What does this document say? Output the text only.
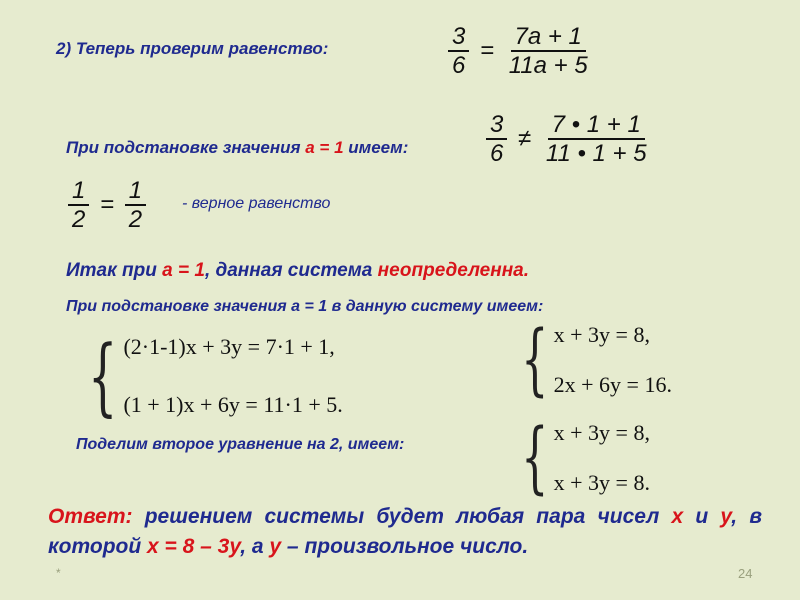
2) Теперь проверим равенство:	$\frac{3}{6} = \frac{7a + 1}{11a + 5}$
При подстановке значения а = 1 имеем:	$\frac{3}{6} \ne \frac{7 • 1 + 1}{11 • 1 + 5}$
$\frac{1}{2} = \frac{1}{2}$ - верное равенство
Итак при а = 1, данная система неопределенна.
При подстановке значения а = 1 в данную систему имеем:
{ (2·1-1)x + 3y = 7·1 + 1,
(1 + 1)x + 6y = 11·1 + 5. { x + 3y = 8,
2x + 6y = 16.
Поделим второе уравнение на 2, имеем: { x + 3y = 8,
x + 3y = 8.
Ответ: решением системы будет любая пара чисел х и у, в которой х = 8 – 3у, а у – произвольное число.
*	24
